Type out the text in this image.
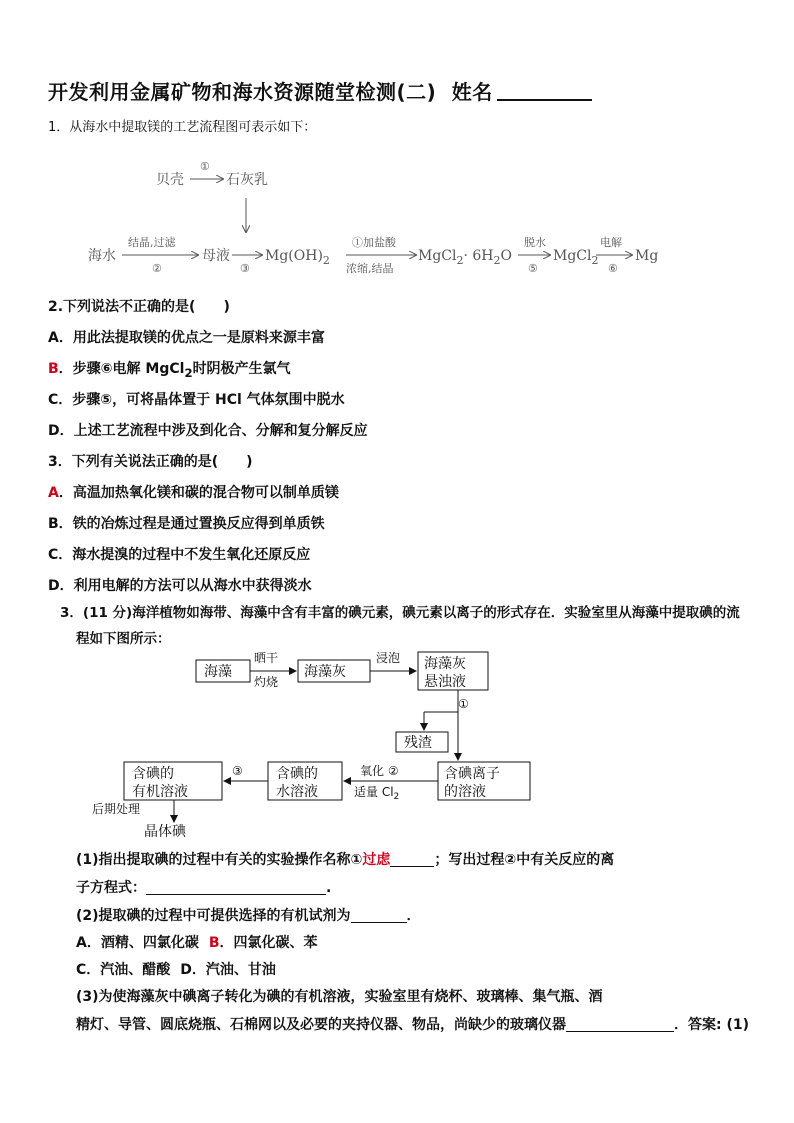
开发利用金属矿物和海水资源随堂检测(二) 姓名
1．从海水中提取镁的工艺流程图可表示如下：
贝壳
①
石灰乳
海水
结晶,过滤
②
母液
③
$Mg(OH)_2$
①加盐酸
浓缩,结晶
MgCl$_2$· $6H_2O$
脱水
⑤
MgCl$_2$
电解
⑥
Mg
2.下列说法不正确的是(　　)
A．用此法提取镁的优点之一是原料来源丰富
B．步骤⑥电解 MgCl$_2$时阴极产生氯气
C．步骤⑤，可将晶体置于 HCl 气体氛围中脱水
D．上述工艺流程中涉及到化合、分解和复分解反应
3．下列有关说法正确的是(　　)
A．高温加热氧化镁和碳的混合物可以制单质镁
B．铁的冶炼过程是通过置换反应得到单质铁
C．海水提溴的过程中不发生氧化还原反应
D．利用电解的方法可以从海水中获得淡水
3．(11 分)海洋植物如海带、海藻中含有丰富的碘元素，碘元素以离子的形式存在．实验室里从海藻中提取碘的流
程如下图所示：
海藻
晒干
灼烧
海藻灰
浸泡 海藻灰
悬浊液
①
残渣
含碘离子
的溶液
氧化 ②
适量 $Cl_2$
含碘的
水溶液
③
含碘的
有机溶液
后期处理
晶体碘
(1)指出提取碘的过程中有关的实验操作名称①过虑	；写出过程②中有关反应的离
子方程式：	.
(2)提取碘的过程中可提供选择的有机试剂为	．
A．酒精、四氯化碳 B．四氯化碳、苯
C．汽油、醋酸 D．汽油、甘油
(3)为使海藻灰中碘离子转化为碘的有机溶液，实验室里有烧杯、玻璃棒、集气瓶、酒
精灯、导管、圆底烧瓶、石棉网以及必要的夹持仪器、物品，尚缺少的玻璃仪器	．答案: (1)
